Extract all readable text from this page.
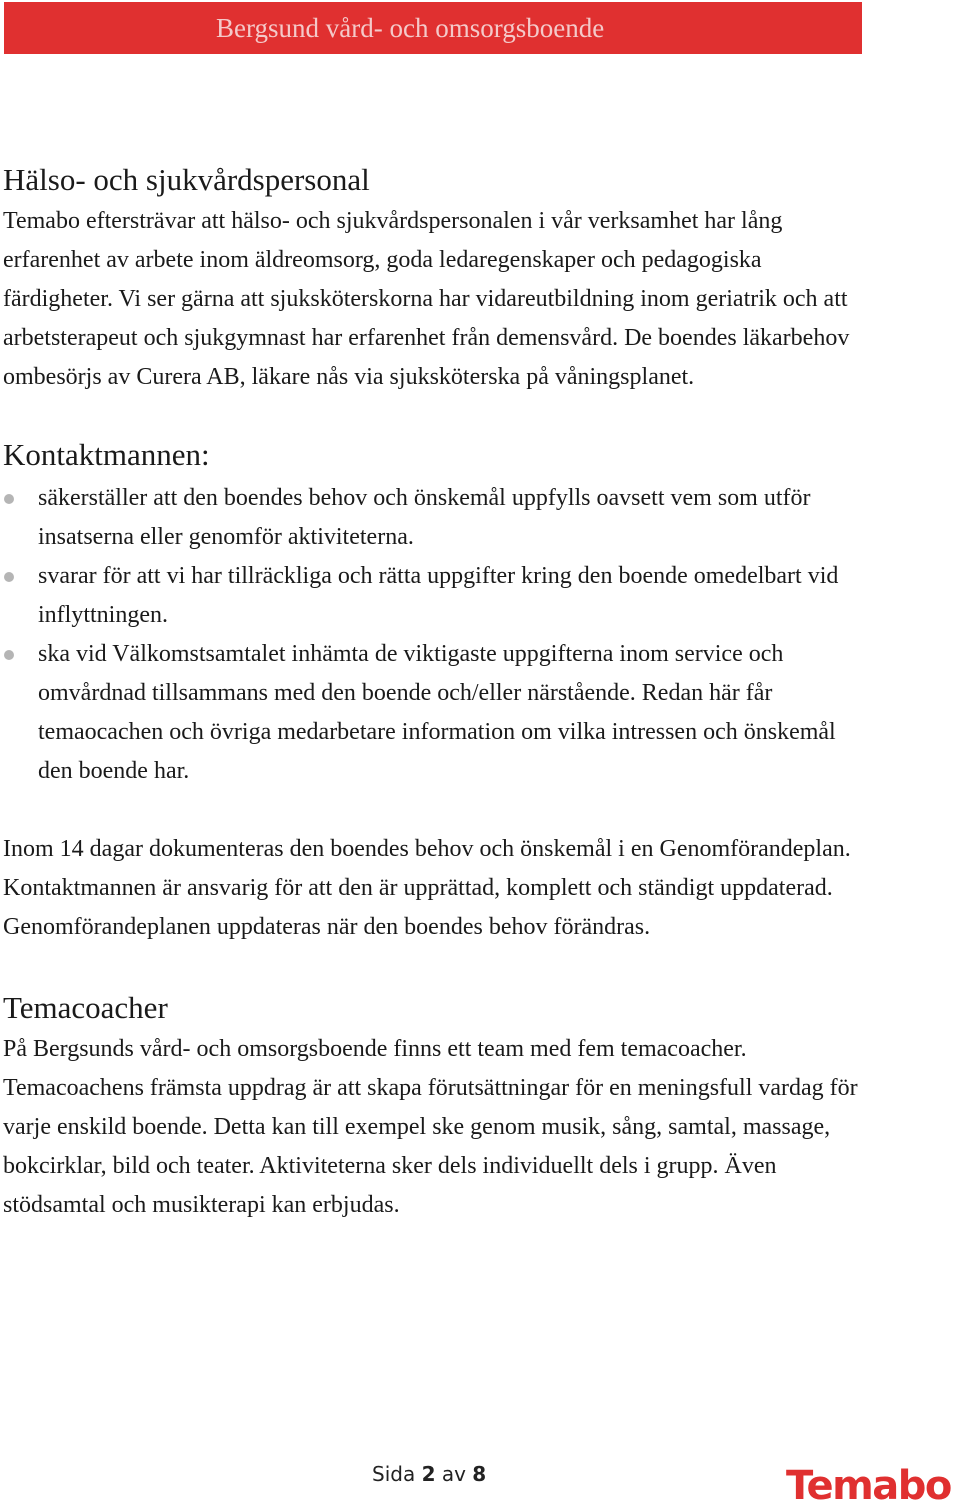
Bergsund vård- och omsorgsboende
Hälso- och sjukvårdspersonal

Temabo eftersträvar att hälso- och sjukvårdspersonalen i vår verksamhet har lång erfarenhet av arbete inom äldreomsorg, goda ledaregenskaper och pedagogiska färdigheter. Vi ser gärna att sjuksköterskorna har vidareutbildning inom geriatrik och att arbetsterapeut och sjukgymnast har erfarenhet från demensvård. De boendes läkarbehov ombesörjs av Curera AB, läkare nås via sjuksköterska på våningsplanet.

Kontaktmannen:
säkerställer att den boendes behov och önskemål uppfylls oavsett vem som utför insatserna eller genomför aktiviteterna.
svarar för att vi har tillräckliga och rätta uppgifter kring den boende omedelbart vid inflyttningen.
ska vid Välkomstsamtalet inhämta de viktigaste uppgifterna inom service och omvårdnad tillsammans med den boende och/eller närstående. Redan här får temaocachen och övriga medarbetare information om vilka intressen och önskemål den boende har.

Inom 14 dagar dokumenteras den boendes behov och önskemål i en Genomförandeplan. Kontaktmannen är ansvarig för att den är upprättad, komplett och ständigt uppdaterad. Genomförandeplanen uppdateras när den boendes behov förändras.

Temacoacher

På Bergsunds vård- och omsorgsboende finns ett team med fem temacoacher. Temacoachens främsta uppdrag är att skapa förutsättningar för en meningsfull vardag för varje enskild boende. Detta kan till exempel ske genom musik, sång, samtal, massage, bokcirklar, bild och teater. Aktiviteterna sker dels individuellt dels i grupp. Även stödsamtal och musikterapi kan erbjudas.

Sida 2 av 8	Temabo
